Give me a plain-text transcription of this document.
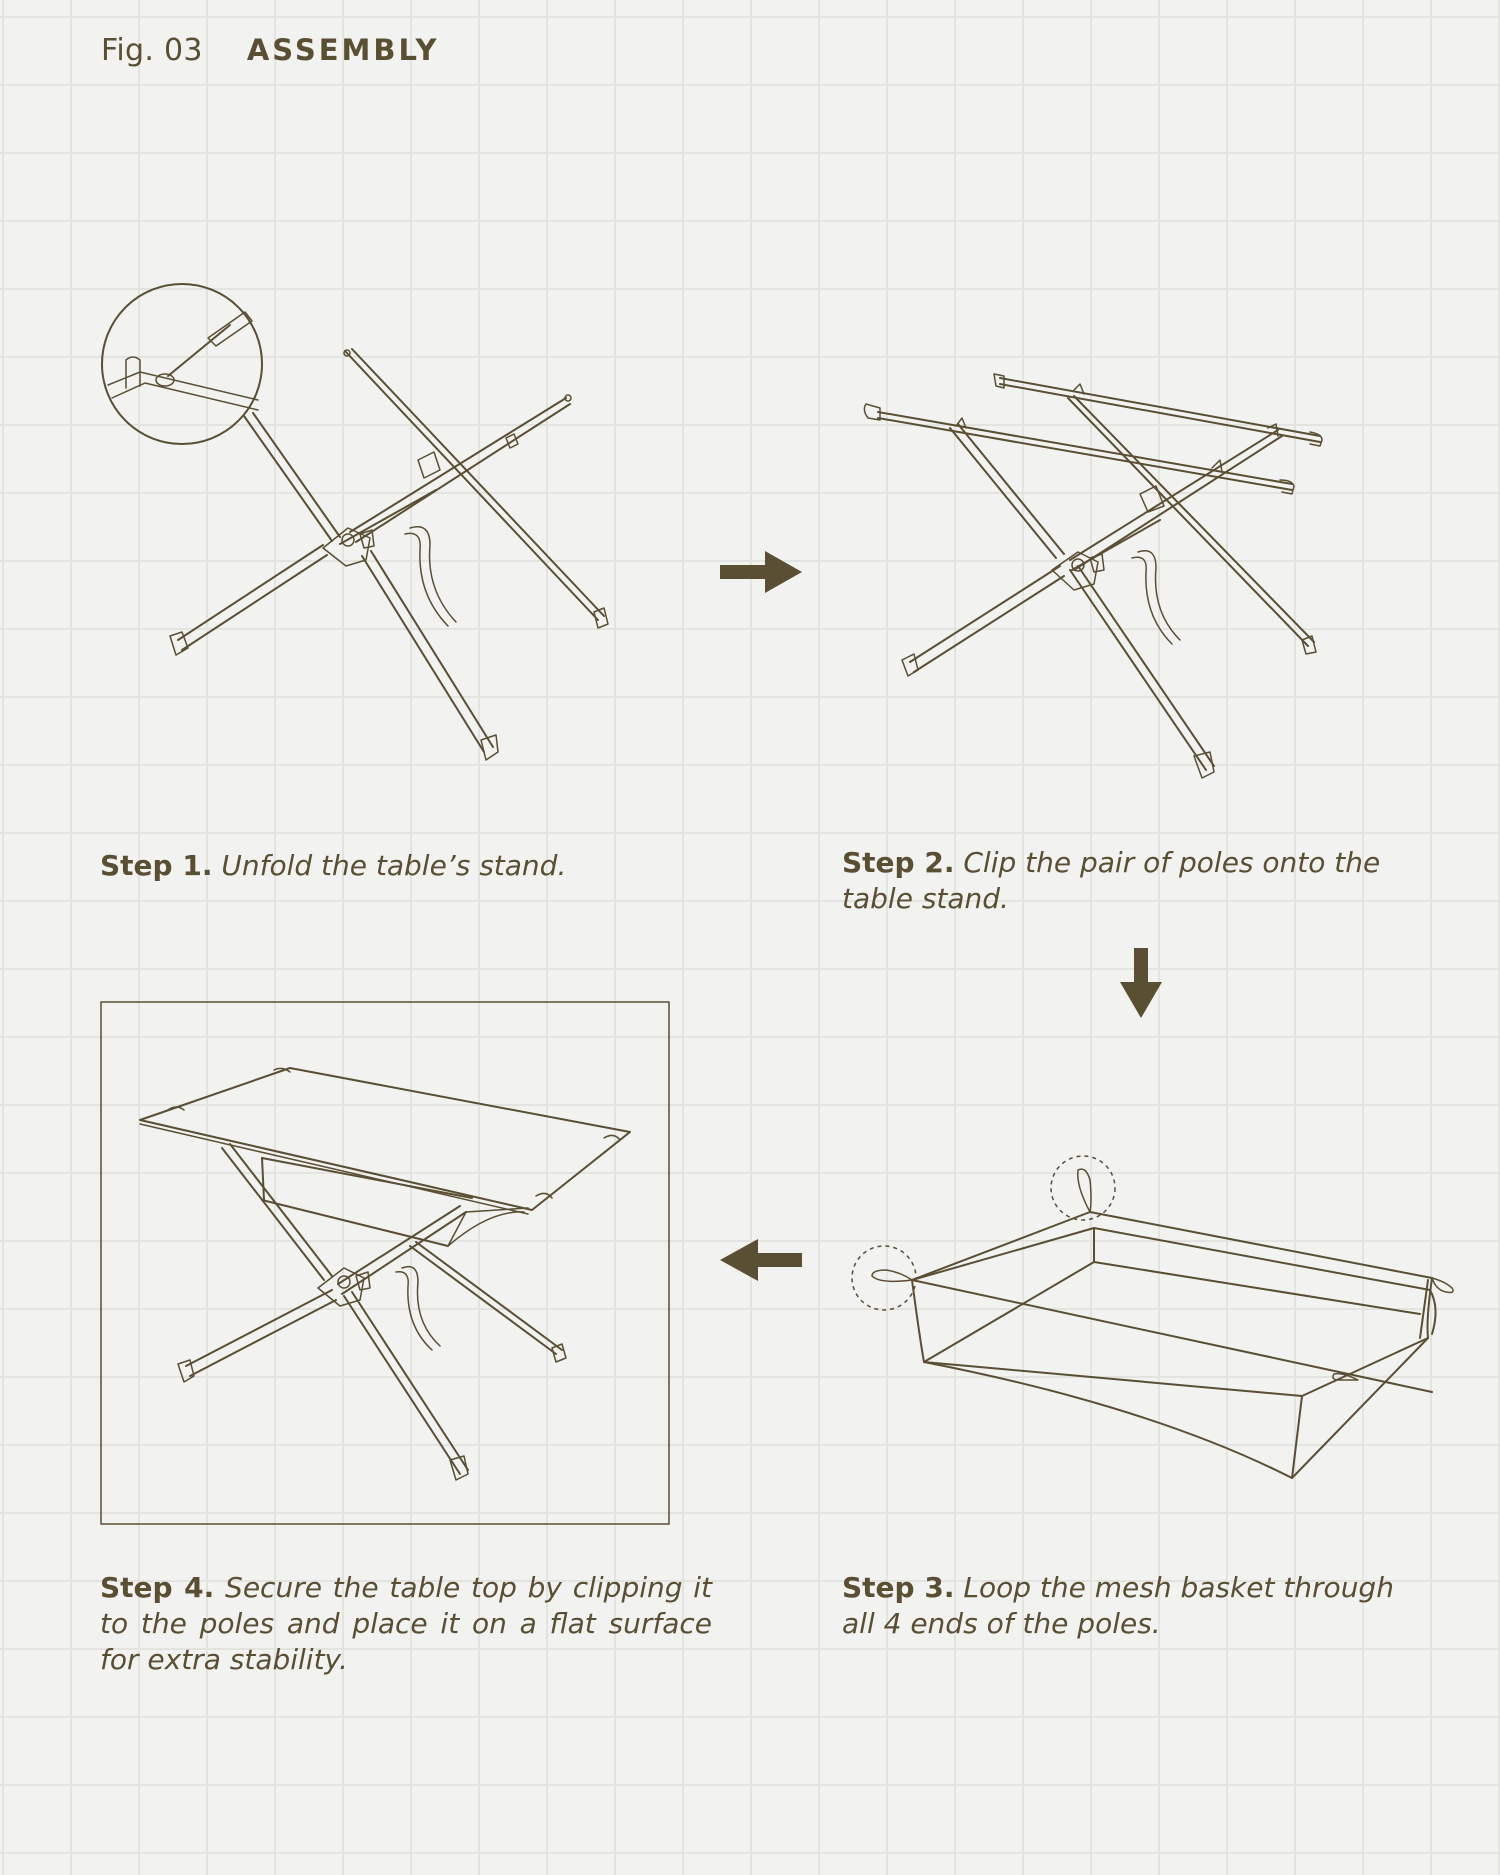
Fig. 03 ASSEMBLY
Step 1. Unfold the table’s stand.	Step 2. Clip the pair of poles onto the table stand.
Step 3. Loop the mesh basket through all 4 ends of the poles.
Step 4. Secure the table top by clipping it to the poles and place it on a flat surface for extra stability.
